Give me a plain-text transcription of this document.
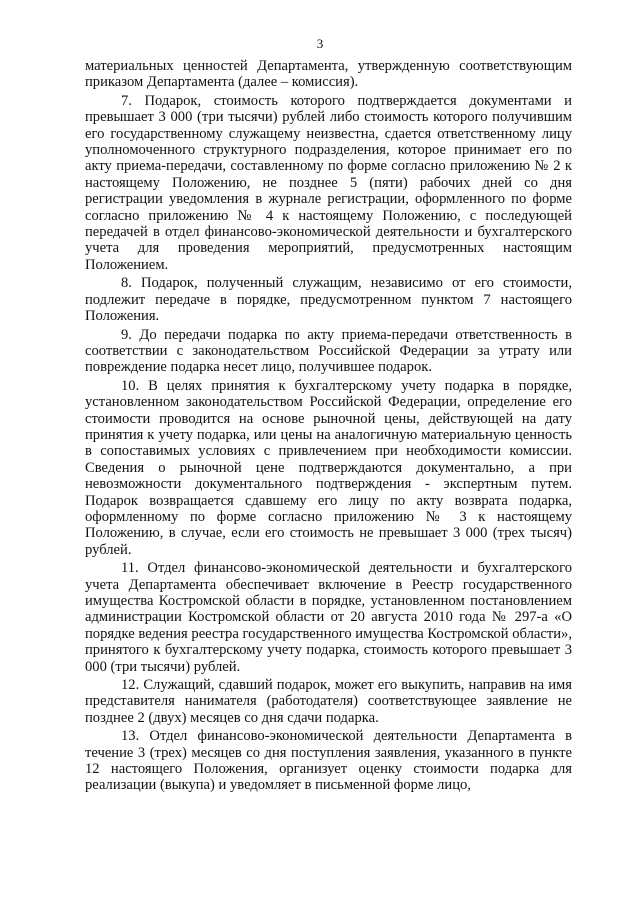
3

материальных ценностей Департамента, утвержденную соответствующим приказом Департамента (далее – комиссия).

7. Подарок, стоимость которого подтверждается документами и превышает 3 000 (три тысячи) рублей либо стоимость которого получившим его государственному служащему неизвестна, сдается ответственному лицу уполномоченного структурного подразделения, которое принимает его по акту приема-передачи, составленному по форме согласно приложению № 2 к настоящему Положению, не позднее 5 (пяти) рабочих дней со дня регистрации уведомления в журнале регистрации, оформленного по форме согласно приложению № 4 к настоящему Положению, с последующей передачей в отдел финансово-экономической деятельности и бухгалтерского учета для проведения мероприятий, предусмотренных настоящим Положением.

8. Подарок, полученный служащим, независимо от его стоимости, подлежит передаче в порядке, предусмотренном пунктом 7 настоящего Положения.

9. До передачи подарка по акту приема-передачи ответственность в соответствии с законодательством Российской Федерации за утрату или повреждение подарка несет лицо, получившее подарок.

10. В целях принятия к бухгалтерскому учету подарка в порядке, установленном законодательством Российской Федерации, определение его стоимости проводится на основе рыночной цены, действующей на дату принятия к учету подарка, или цены на аналогичную материальную ценность в сопоставимых условиях с привлечением при необходимости комиссии. Сведения о рыночной цене подтверждаются документально, а при невозможности документального подтверждения - экспертным путем. Подарок возвращается сдавшему его лицу по акту возврата подарка, оформленному по форме согласно приложению № 3 к настоящему Положению, в случае, если его стоимость не превышает 3 000 (трех тысяч) рублей.

11. Отдел финансово-экономической деятельности и бухгалтерского учета Департамента обеспечивает включение в Реестр государственного имущества Костромской области в порядке, установленном постановлением администрации Костромской области от 20 августа 2010 года № 297-а «О порядке ведения реестра государственного имущества Костромской области», принятого к бухгалтерскому учету подарка, стоимость которого превышает 3 000 (три тысячи) рублей.

12. Служащий, сдавший подарок, может его выкупить, направив на имя представителя нанимателя (работодателя) соответствующее заявление не позднее 2 (двух) месяцев со дня сдачи подарка.

13. Отдел финансово-экономической деятельности Департамента в течение 3 (трех) месяцев со дня поступления заявления, указанного в пункте 12 настоящего Положения, организует оценку стоимости подарка для реализации (выкупа) и уведомляет в письменной форме лицо,
